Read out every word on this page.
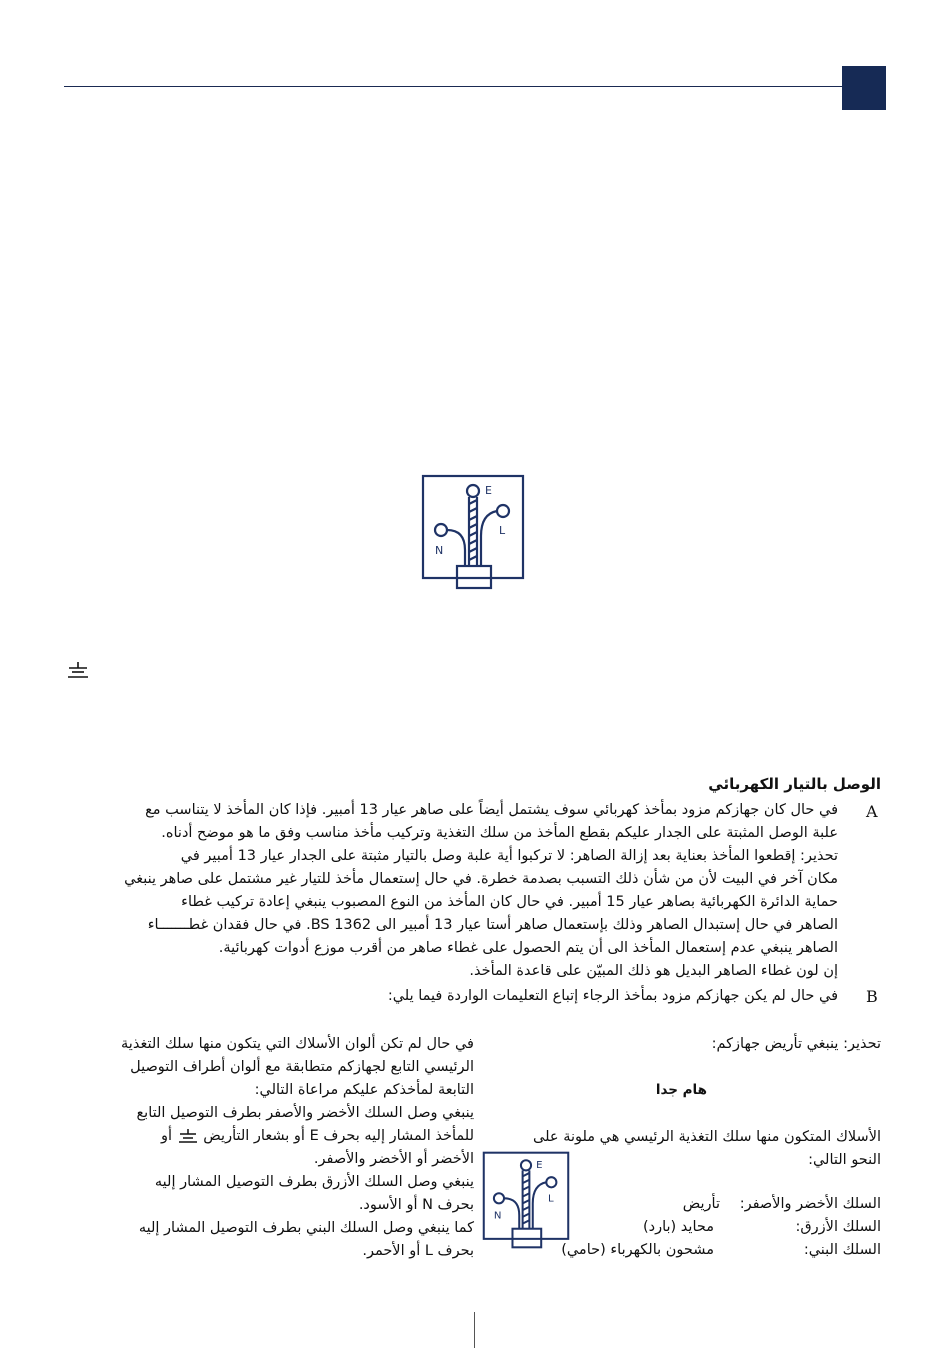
E
N
L
الوصل بالتيار الكهربائي
A
في حال كان جهازكم مزود بمأخذ كهربائي سوف يشتمل أيضاً على صاهر عيار 13 أمبير. فإذا كان المأخذ لا يتناسب مع
علبة الوصل المثبتة على الجدار عليكم بقطع المأخذ من سلك التغذية وتركيب مأخذ مناسب وفق ما هو موضح أدناه.
تحذير: إقطعوا المأخذ بعناية بعد إزالة الصاهر: لا تركبوا أية علبة وصل بالتيار مثبتة على الجدار عيار 13 أمبير في
مكان آخر في البيت لأن من شأن ذلك التسبب بصدمة خطرة. في حال إستعمال مأخذ للتيار غير مشتمل على صاهر ينبغي
حماية الدائرة الكهربائية بصاهر عيار 15 أمبير. في حال كان المأخذ من النوع المصبوب ينبغي إعادة تركيب غطاء
الصاهر في حال إستبدال الصاهر وذلك بإستعمال صاهر أستا عيار 13 أمبير الى BS 1362. في حال فقدان غطـــــــاء
الصاهر ينبغي عدم إستعمال المأخذ الى أن يتم الحصول على غطاء صاهر من أقرب موزع أدوات كهربائية.
إن لون غطاء الصاهر البديل هو ذلك المبيّن على قاعدة المأخذ.
B
في حال لم يكن جهازكم مزود بمأخذ الرجاء إتباع التعليمات الواردة فيما يلي:
تحذير: ينبغي تأريض جهازكم:
هام جدا
الأسلاك المتكون منها سلك التغذية الرئيسي هي ملونة على
النحو التالي:
السلك الأخضر والأصفر:
تأريض
السلك الأزرق:
محايد (بارد)
السلك البني:
مشحون بالكهرباء (حامي)
E
N
L
في حال لم تكن ألوان الأسلاك التي يتكون منها سلك التغذية
الرئيسي التابع لجهازكم متطابقة مع ألوان أطراف التوصيل
التابعة لمأخذكم عليكم مراعاة التالي:
ينبغي وصل السلك الأخضر والأصفر بطرف التوصيل التابع
للمأخذ المشار إليه بحرف E أو بشعار التأريض  أو
الأخضر أو الأخضر والأصفر.
ينبغي وصل السلك الأزرق بطرف التوصيل المشار إليه
بحرف N أو الأسود.
كما ينبغي وصل السلك البني بطرف التوصيل المشار إليه
بحرف L أو الأحمر.
